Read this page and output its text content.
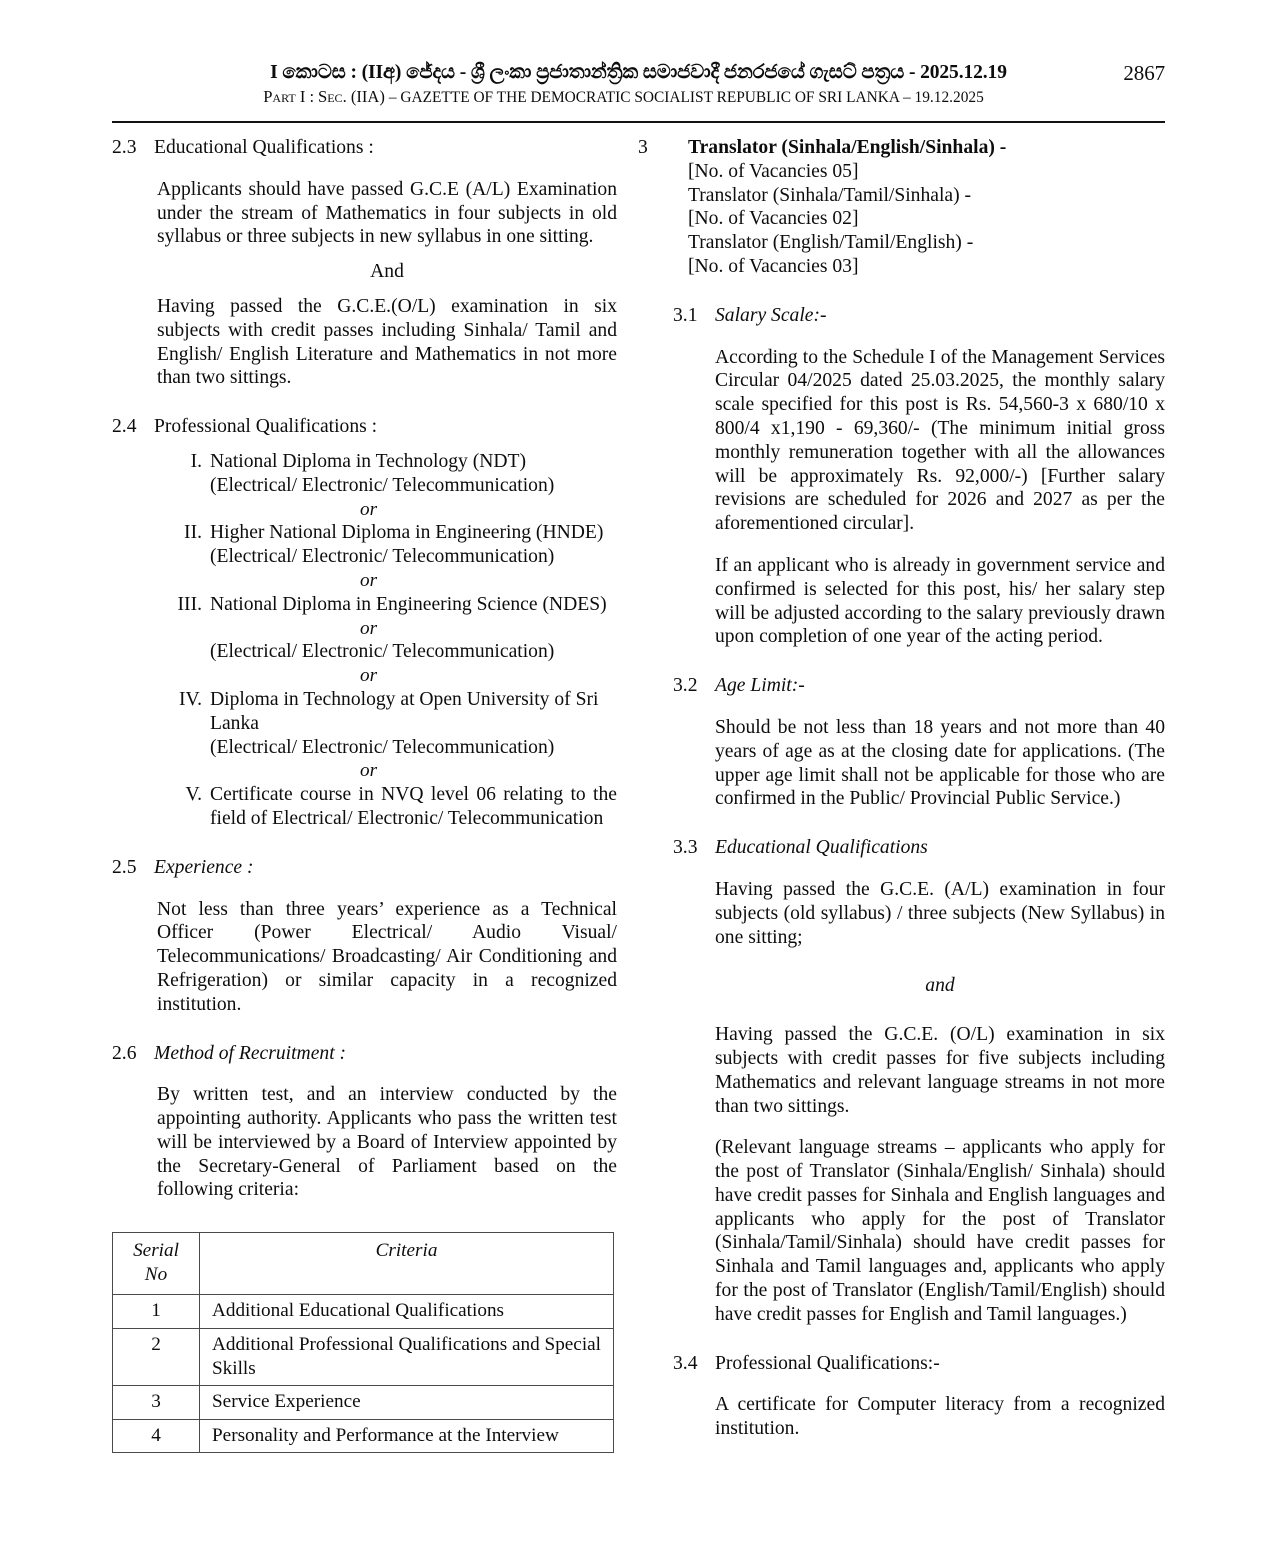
I කොටස : (IIඅ) ජේදය - ශ්‍රී ලංකා ප්‍රජාතාන්ත්‍රික සමාජවාදී ජනරජයේ ගැසට් පත්‍රය - 2025.12.19	2867
Part I : Sec. (IIA) – GAZETTE OF THE DEMOCRATIC SOCIALIST REPUBLIC OF SRI LANKA – 19.12.2025
2.3 Educational Qualifications :

Applicants should have passed G.C.E (A/L) Examination under the stream of Mathematics in four subjects in old syllabus or three subjects in new syllabus in one sitting.

And

Having passed the G.C.E.(O/L) examination in six subjects with credit passes including Sinhala/ Tamil and English/ English Literature and Mathematics in not more than two sittings.

2.4 Professional Qualifications :
I. National Diploma in Technology (NDT)
(Electrical/ Electronic/ Telecommunication)
or
II. Higher National Diploma in Engineering (HNDE)
(Electrical/ Electronic/ Telecommunication)
or
III. National Diploma in Engineering Science (NDES)
or
(Electrical/ Electronic/ Telecommunication)
or
IV. Diploma in Technology at Open University of Sri Lanka
(Electrical/ Electronic/ Telecommunication)
or
V. Certificate course in NVQ level 06 relating to the field of Electrical/ Electronic/ Telecommunication
2.5 Experience :

Not less than three years’ experience as a Technical Officer (Power Electrical/ Audio Visual/ Telecommunications/ Broadcasting/ Air Conditioning and Refrigeration) or similar capacity in a recognized institution.

2.6 Method of Recruitment :

By written test, and an interview conducted by the appointing authority. Applicants who pass the written test will be interviewed by a Board of Interview appointed by the Secretary-General of Parliament based on the following criteria:

Serial
No	Criteria
1	Additional Educational Qualifications
2	Additional Professional Qualifications and Special Skills
3	Service Experience
4	Personality and Performance at the Interview
3	Translator (Sinhala/English/Sinhala) -
[No. of Vacancies 05]
Translator (Sinhala/Tamil/Sinhala) -
[No. of Vacancies 02]
Translator (English/Tamil/English) -
[No. of Vacancies 03]
3.1 Salary Scale:-

According to the Schedule I of the Management Services Circular 04/2025 dated 25.03.2025, the monthly salary scale specified for this post is Rs. 54,560-3 x 680/10 x 800/4 x1,190 - 69,360/- (The minimum initial gross monthly remuneration together with all the allowances will be approximately Rs. 92,000/-) [Further salary revisions are scheduled for 2026 and 2027 as per the aforementioned circular].

If an applicant who is already in government service and confirmed is selected for this post, his/ her salary step will be adjusted according to the salary previously drawn upon completion of one year of the acting period.

3.2 Age Limit:-

Should be not less than 18 years and not more than 40 years of age as at the closing date for applications. (The upper age limit shall not be applicable for those who are confirmed in the Public/ Provincial Public Service.)

3.3 Educational Qualifications

Having passed the G.C.E. (A/L) examination in four subjects (old syllabus) / three subjects (New Syllabus) in one sitting;

and

Having passed the G.C.E. (O/L) examination in six subjects with credit passes for five subjects including Mathematics and relevant language streams in not more than two sittings.

(Relevant language streams – applicants who apply for the post of Translator (Sinhala/English/ Sinhala) should have credit passes for Sinhala and English languages and applicants who apply for the post of Translator (Sinhala/Tamil/Sinhala) should have credit passes for Sinhala and Tamil languages and, applicants who apply for the post of Translator (English/Tamil/English) should have credit passes for English and Tamil languages.)

3.4 Professional Qualifications:-

A certificate for Computer literacy from a recognized institution.
